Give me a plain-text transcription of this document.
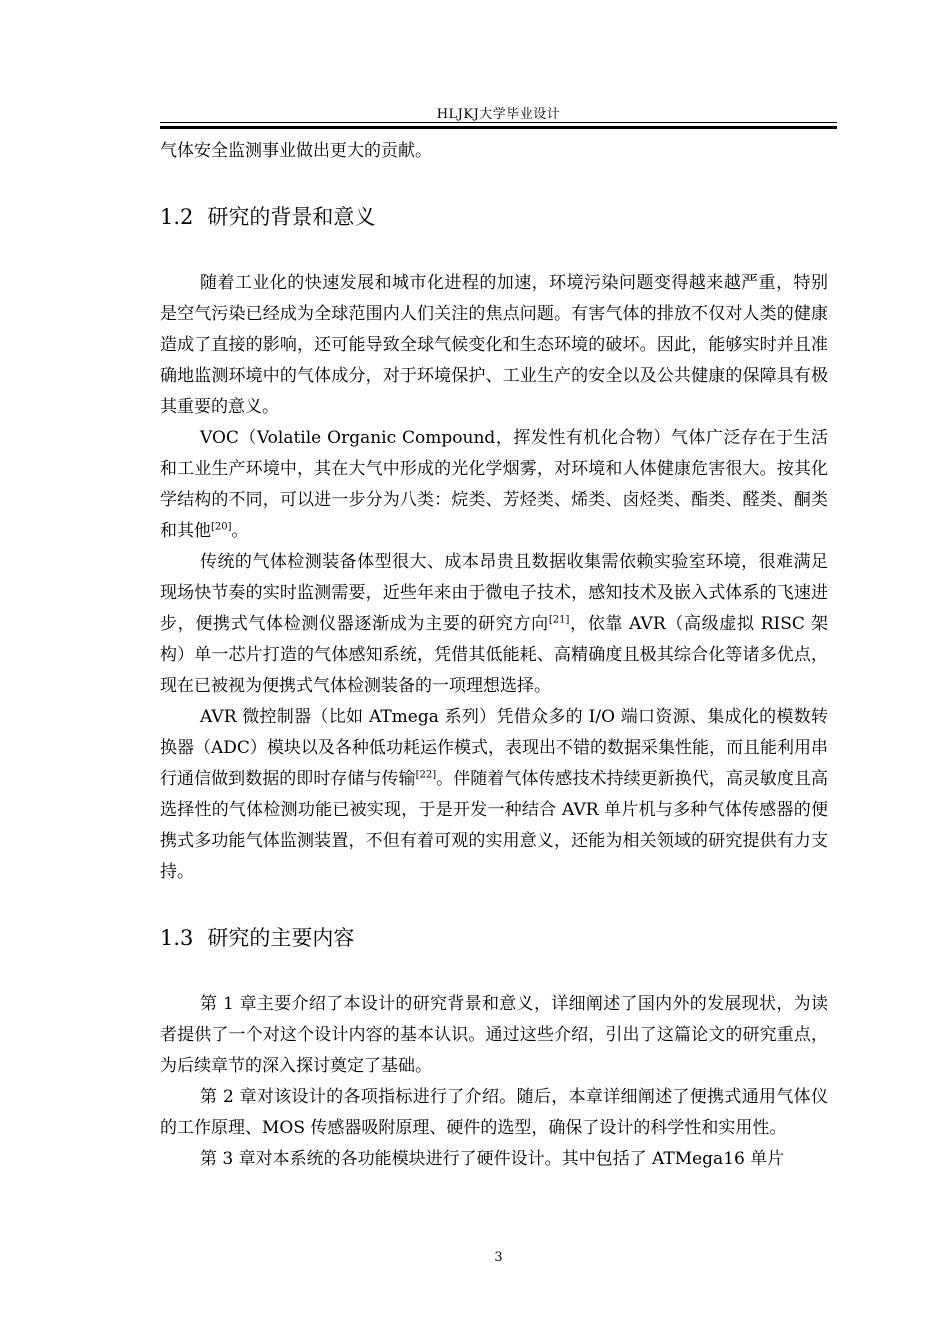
HLJKJ大学毕业设计

气体安全监测事业做出更大的贡献。

1.2 研究的背景和意义

随着工业化的快速发展和城市化进程的加速，环境污染问题变得越来越严重，特别是空气污染已经成为全球范围内人们关注的焦点问题。有害气体的排放不仅对人类的健康造成了直接的影响，还可能导致全球气候变化和生态环境的破坏。因此，能够实时并且准确地监测环境中的气体成分，对于环境保护、工业生产的安全以及公共健康的保障具有极其重要的意义。

VOC（Volatile Organic Compound，挥发性有机化合物）气体广泛存在于生活和工业生产环境中，其在大气中形成的光化学烟雾，对环境和人体健康危害很大。按其化学结构的不同，可以进一步分为八类：烷类、芳烃类、烯类、卤烃类、酯类、醛类、酮类和其他[20]。

传统的气体检测装备体型很大、成本昂贵且数据收集需依赖实验室环境，很难满足现场快节奏的实时监测需要，近些年来由于微电子技术，感知技术及嵌入式体系的飞速进步，便携式气体检测仪器逐渐成为主要的研究方向[21]，依靠 AVR（高级虚拟 RISC 架构）单一芯片打造的气体感知系统，凭借其低能耗、高精确度且极其综合化等诸多优点，现在已被视为便携式气体检测装备的一项理想选择。

AVR 微控制器（比如 ATmega 系列）凭借众多的 I/O 端口资源、集成化的模数转换器（ADC）模块以及各种低功耗运作模式，表现出不错的数据采集性能，而且能利用串行通信做到数据的即时存储与传输[22]。伴随着气体传感技术持续更新换代，高灵敏度且高选择性的气体检测功能已被实现，于是开发一种结合 AVR 单片机与多种气体传感器的便携式多功能气体监测装置，不但有着可观的实用意义，还能为相关领域的研究提供有力支持。

1.3 研究的主要内容

第 1 章主要介绍了本设计的研究背景和意义，详细阐述了国内外的发展现状，为读者提供了一个对这个设计内容的基本认识。通过这些介绍，引出了这篇论文的研究重点，为后续章节的深入探讨奠定了基础。

第 2 章对该设计的各项指标进行了介绍。随后，本章详细阐述了便携式通用气体仪的工作原理、MOS 传感器吸附原理、硬件的选型，确保了设计的科学性和实用性。

第 3 章对本系统的各功能模块进行了硬件设计。其中包括了 ATMega16 单片

3
